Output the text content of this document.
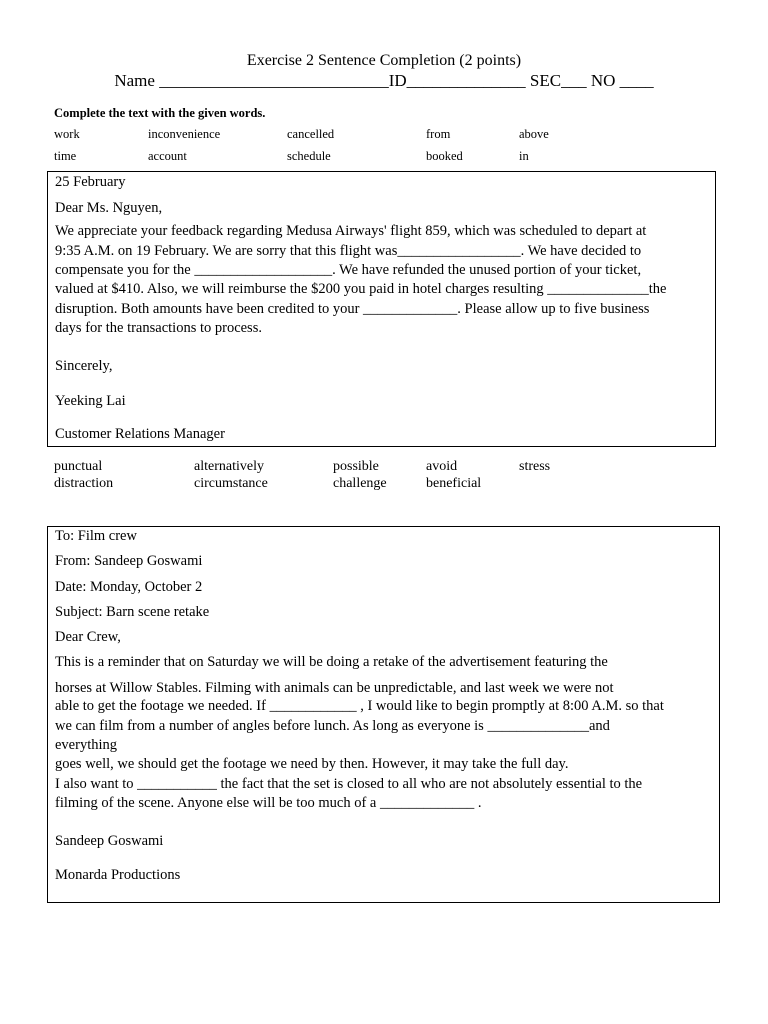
Exercise 2 Sentence Completion (2 points)
Name ___________________________ID______________ SEC___ NO ____
Complete the text with the given words.
work	inconvenience	cancelled	from	above
time	account	schedule	booked	in
25 February
Dear Ms. Nguyen,
We appreciate your feedback regarding Medusa Airways' flight 859, which was scheduled to depart at
9:35 A.M. on 19 February. We are sorry that this flight was_________________. We have decided to
compensate you for the ___________________. We have refunded the unused portion of your ticket,
valued at $410. Also, we will reimburse the $200 you paid in hotel charges resulting ______________the
disruption. Both amounts have been credited to your _____________. Please allow up to five business
days for the transactions to process.
Sincerely,
Yeeking Lai
Customer Relations Manager
punctual	alternatively	possible	avoid	stress
distraction	circumstance	challenge	beneficial
To: Film crew
From: Sandeep Goswami
Date: Monday, October 2
Subject: Barn scene retake
Dear Crew,
This is a reminder that on Saturday we will be doing a retake of the advertisement featuring the
horses at Willow Stables. Filming with animals can be unpredictable, and last week we were not
able to get the footage we needed. If ____________ , I would like to begin promptly at 8:00 A.M. so that
we can film from a number of angles before lunch. As long as everyone is ______________and
everything
goes well, we should get the footage we need by then. However, it may take the full day.
I also want to ___________ the fact that the set is closed to all who are not absolutely essential to the
filming of the scene. Anyone else will be too much of a _____________ .
Sandeep Goswami
Monarda Productions
